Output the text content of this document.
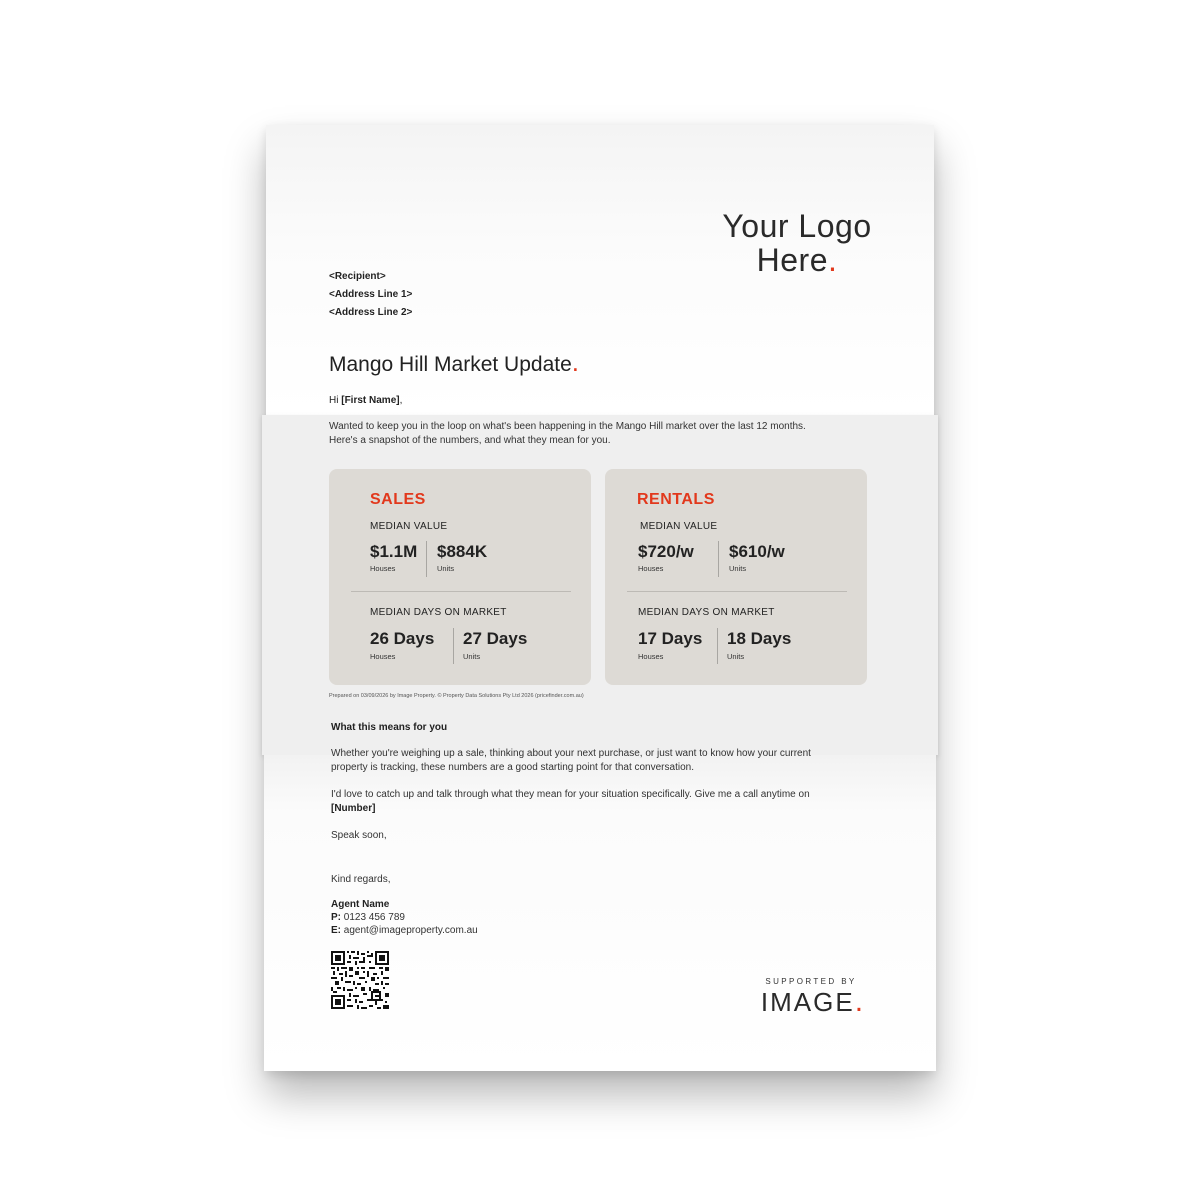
Your Logo
Here.
<Recipient>
<Address Line 1>
<Address Line 2>
Mango Hill Market Update.
Hi [First Name],
Wanted to keep you in the loop on what's been happening in the Mango Hill market over the last 12 months. Here's a snapshot of the numbers, and what they mean for you.
SALES
MEDIAN VALUE
$1.1M
Houses
$884K
Units
MEDIAN DAYS ON MARKET
26 Days
Houses
27 Days
Units
RENTALS
MEDIAN VALUE
$720/w
Houses
$610/w
Units
MEDIAN DAYS ON MARKET
17 Days
Houses
18 Days
Units
Prepared on 03/09/2026 by Image Property. © Property Data Solutions Pty Ltd 2026 (pricefinder.com.au)
What this means for you
Whether you're weighing up a sale, thinking about your next purchase, or just want to know how your current property is tracking, these numbers are a good starting point for that conversation.
I'd love to catch up and talk through what they mean for your situation specifically. Give me a call anytime on [Number]
Speak soon,
Kind regards,
Agent Name
P: 0123 456 789
E: agent@imageproperty.com.au
SUPPORTED BY
IMAGE.
